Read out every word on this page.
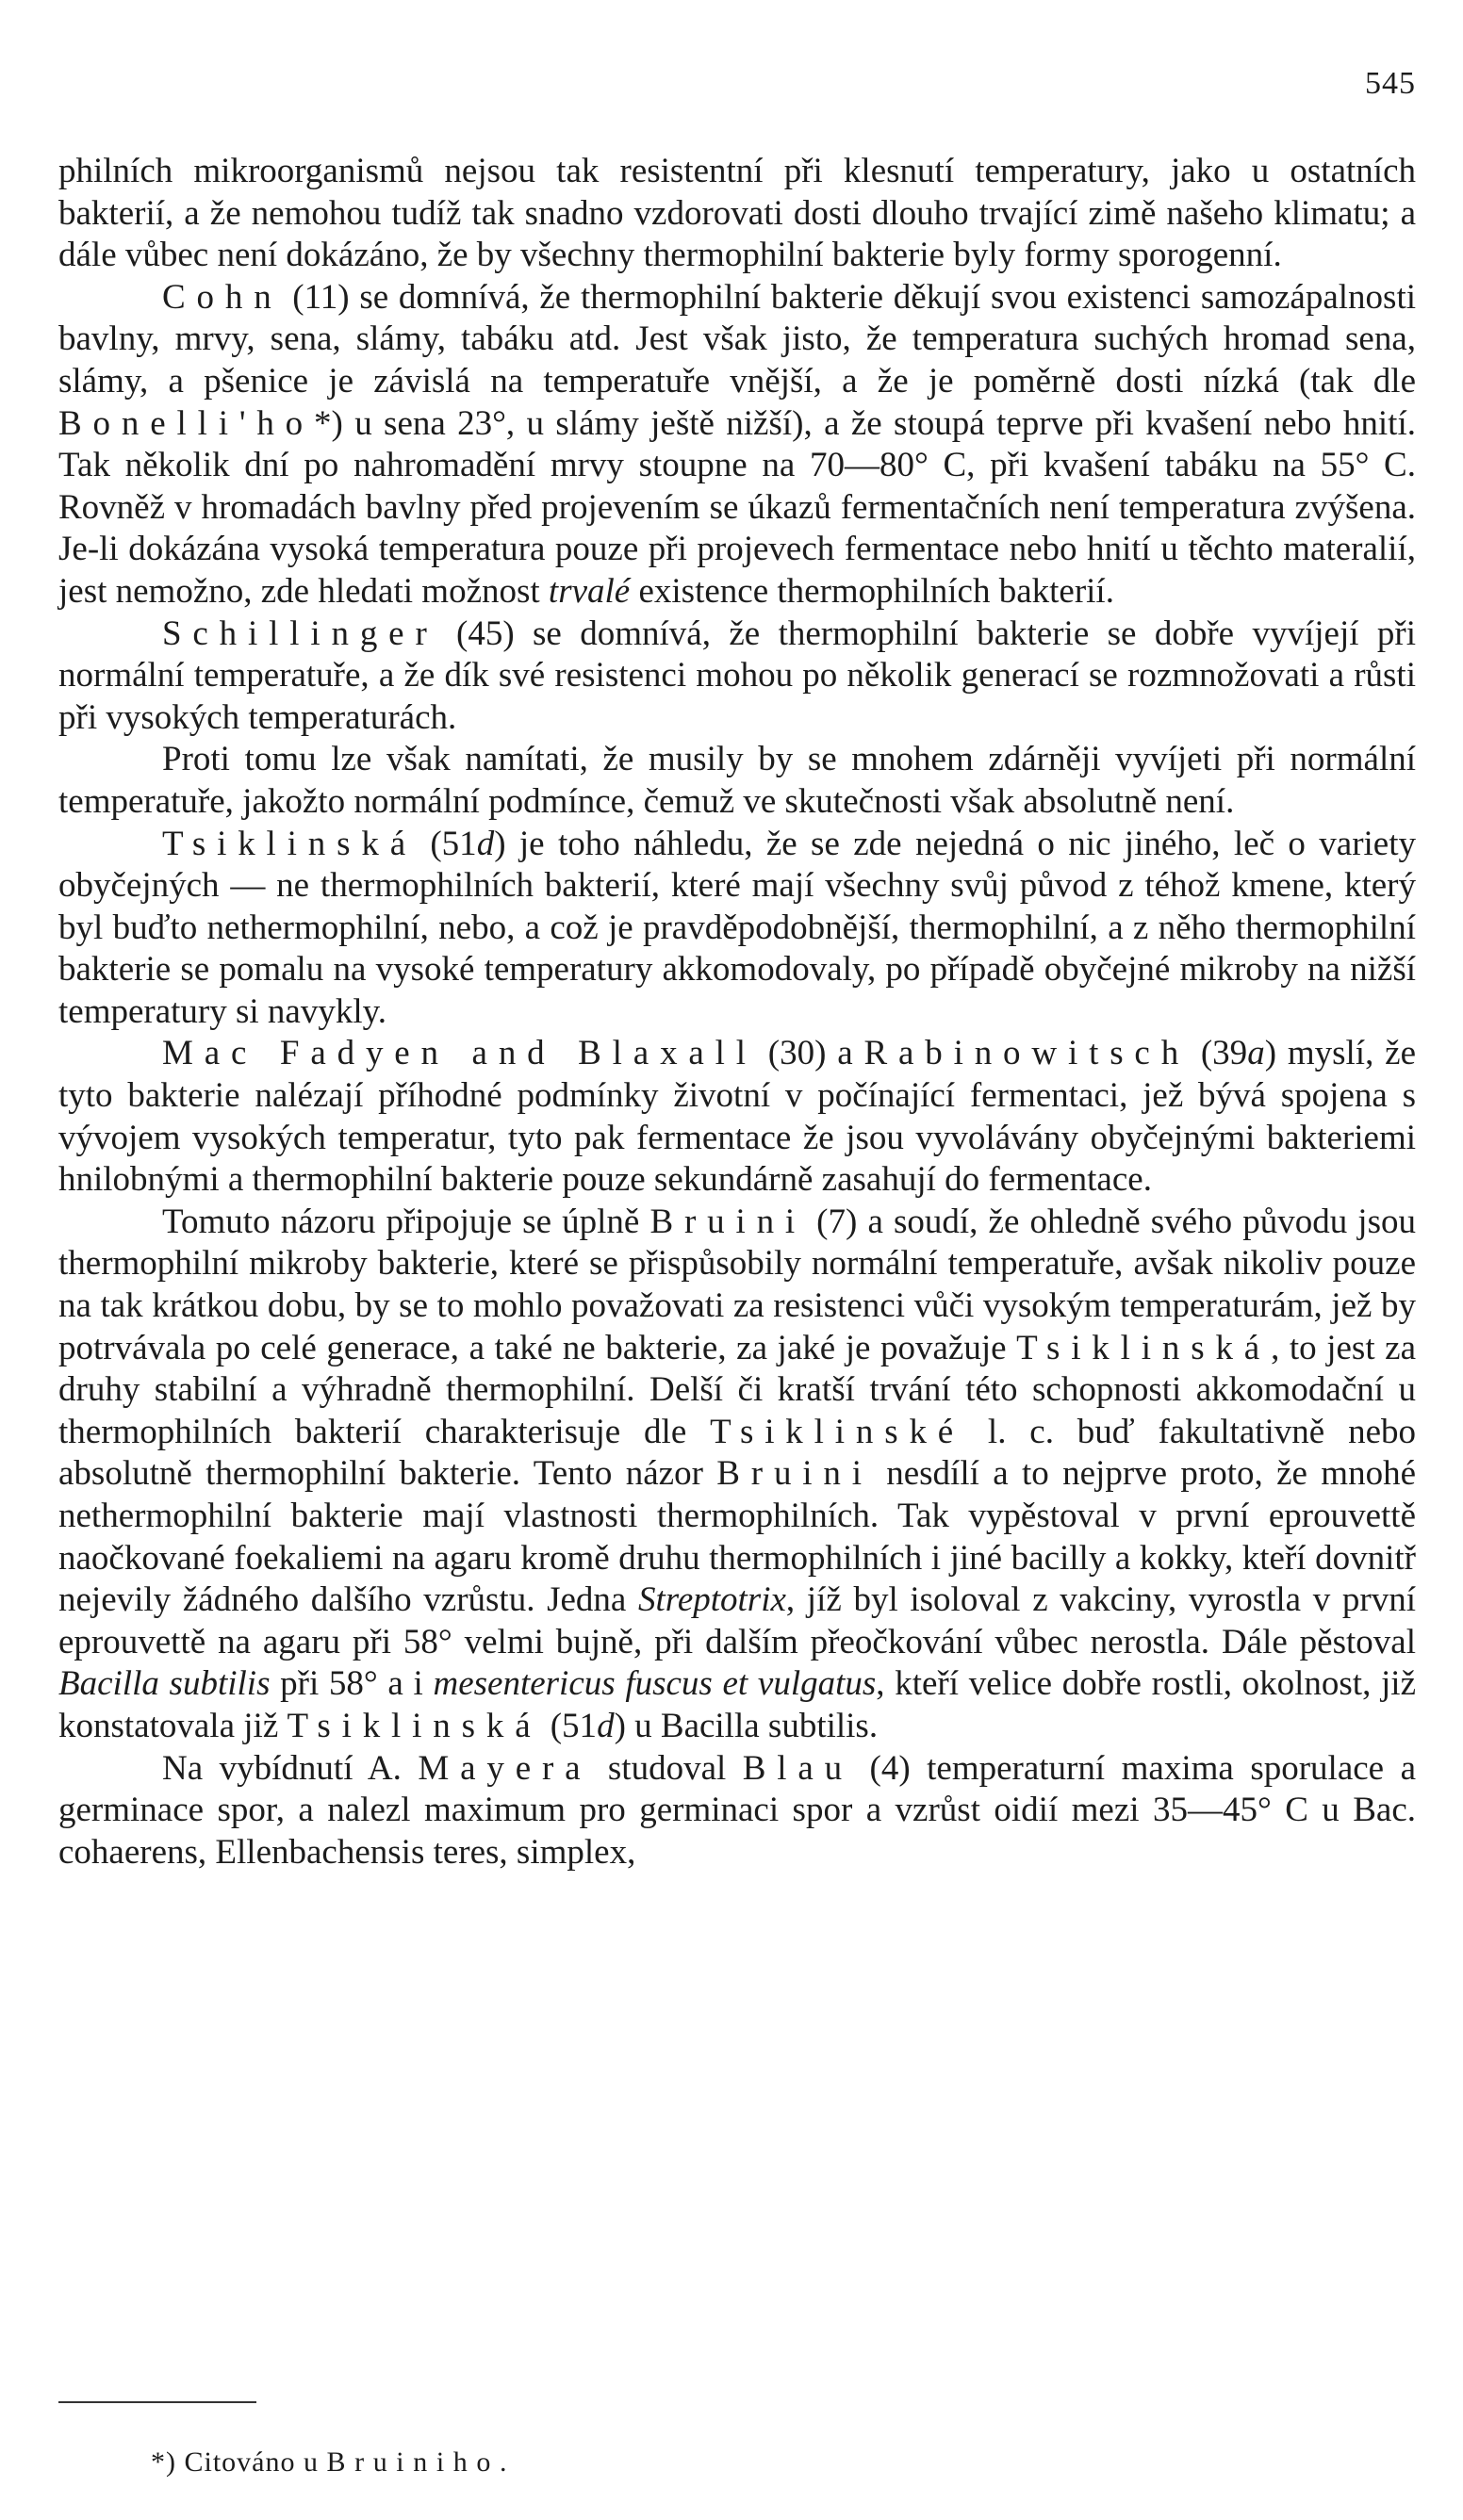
545

philních mikroorganismů nejsou tak resistentní při klesnutí temperatury, jako u ostatních bakterií, a že nemohou tudíž tak snadno vzdorovati dosti dlouho trvající zimě našeho klimatu; a dále vůbec není dokázáno, že by všechny thermophilní bakterie byly formy sporogenní.

Cohn (11) se domnívá, že thermophilní bakterie děkují svou existenci samozápalnosti bavlny, mrvy, sena, slámy, tabáku atd. Jest však jisto, že temperatura suchých hromad sena, slámy, a pšenice je závislá na temperatuře vnější, a že je poměrně dosti nízká (tak dle Bonelli'ho*) u sena 23°, u slámy ještě nižší), a že stoupá teprve při kvašení nebo hnití. Tak několik dní po nahromadění mrvy stoupne na 70—80° C, při kvašení tabáku na 55° C. Rovněž v hromadách bavlny před projevením se úkazů fermentačních není temperatura zvýšena. Je-li dokázána vysoká temperatura pouze při projevech fermentace nebo hnití u těchto materalií, jest nemožno, zde hledati možnost trvalé existence thermophilních bakterií.

Schillinger (45) se domnívá, že thermophilní bakterie se dobře vyvíjejí při normální temperatuře, a že dík své resistenci mohou po několik generací se rozmnožovati a růsti při vysokých temperaturách.

Proti tomu lze však namítati, že musily by se mnohem zdárněji vyvíjeti při normální temperatuře, jakožto normální podmínce, čemuž ve skutečnosti však absolutně není.

Tsiklinská (51d) je toho náhledu, že se zde nejedná o nic jiného, leč o variety obyčejných — ne thermophilních bakterií, které mají všechny svůj původ z téhož kmene, který byl buďto nethermophilní, nebo, a což je pravděpodobnější, thermophilní, a z něho thermophilní bakterie se pomalu na vysoké temperatury akkomodovaly, po případě obyčejné mikroby na nižší temperatury si navykly.

Mac Fadyen and Blaxall (30) a Rabinowitsch (39a) myslí, že tyto bakterie nalézají příhodné podmínky životní v počínající fermentaci, jež bývá spojena s vývojem vysokých temperatur, tyto pak fermentace že jsou vyvolávány obyčejnými bakteriemi hnilobnými a thermophilní bakterie pouze sekundárně zasahují do fermentace.

Tomuto názoru připojuje se úplně Bruini (7) a soudí, že ohledně svého původu jsou thermophilní mikroby bakterie, které se přispůsobily normální temperatuře, avšak nikoliv pouze na tak krátkou dobu, by se to mohlo považovati za resistenci vůči vysokým temperaturám, jež by potrvávala po celé generace, a také ne bakterie, za jaké je považuje Tsiklinská, to jest za druhy stabilní a výhradně thermophilní. Delší či kratší trvání této schopnosti akkomodační u thermophilních bakterií charakterisuje dle Tsiklinské l. c. buď fakultativně nebo absolutně thermophilní bakterie. Tento názor Bruini nesdílí a to nejprve proto, že mnohé nethermophilní bakterie mají vlastnosti thermophilních. Tak vypěstoval v první eprouvettě naočkované foekaliemi na agaru kromě druhu thermophilních i jiné bacilly a kokky, kteří dovnitř nejevily žádného dalšího vzrůstu. Jedna Streptotrix, jíž byl isoloval z vakciny, vyrostla v první eprouvettě na agaru při 58° velmi bujně, při dalším přeočkování vůbec nerostla. Dále pěstoval Bacilla subtilis při 58° a i mesentericus fuscus et vulgatus, kteří velice dobře rostli, okolnost, již konstatovala již Tsiklinská (51d) u Bacilla subtilis.

Na vybídnutí A. Mayera studoval Blau (4) temperaturní maxima sporulace a germinace spor, a nalezl maximum pro germinaci spor a vzrůst oidií mezi 35—45° C u Bac. cohaerens, Ellenbachensis teres, simplex,

*) Citováno u Bruiniho.
